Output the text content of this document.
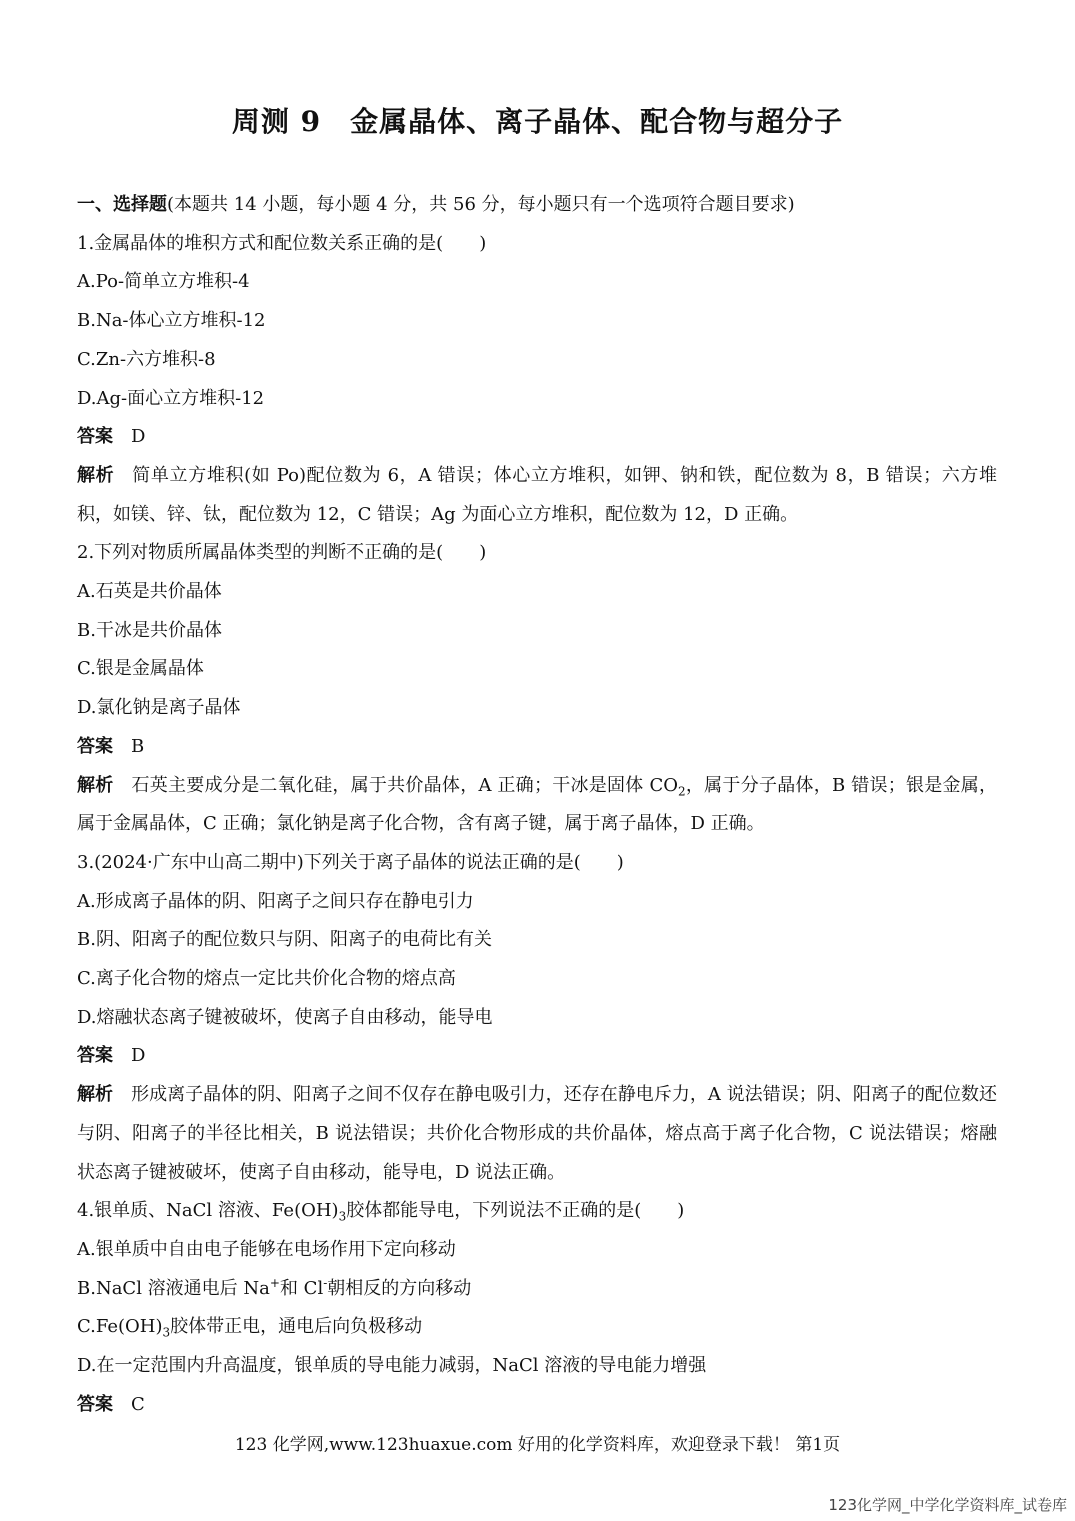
周测 9　金属晶体、离子晶体、配合物与超分子
一、选择题(本题共 14 小题，每小题 4 分，共 56 分，每小题只有一个选项符合题目要求)
1.金属晶体的堆积方式和配位数关系正确的是(　　)
A.Po-简单立方堆积-4
B.Na-体心立方堆积-12
C.Zn-六方堆积-8
D.Ag-面心立方堆积-12
答案 D
解析 简单立方堆积(如 Po)配位数为 6，A 错误；体心立方堆积，如钾、钠和铁，配位数为 8，B 错误；六方堆积，如镁、锌、钛，配位数为 12，C 错误；Ag 为面心立方堆积，配位数为 12，D 正确。
2.下列对物质所属晶体类型的判断不正确的是(　　)
A.石英是共价晶体
B.干冰是共价晶体
C.银是金属晶体
D.氯化钠是离子晶体
答案 B
解析 石英主要成分是二氧化硅，属于共价晶体，A 正确；干冰是固体 $CO_2$，属于分子晶体，B 错误；银是金属，属于金属晶体，C 正确；氯化钠是离子化合物，含有离子键，属于离子晶体，D 正确。
3.(2024·广东中山高二期中)下列关于离子晶体的说法正确的是(　　)
A.形成离子晶体的阴、阳离子之间只存在静电引力
B.阴、阳离子的配位数只与阴、阳离子的电荷比有关
C.离子化合物的熔点一定比共价化合物的熔点高
D.熔融状态离子键被破坏，使离子自由移动，能导电
答案 D
解析 形成离子晶体的阴、阳离子之间不仅存在静电吸引力，还存在静电斥力，A 说法错误；阴、阳离子的配位数还与阴、阳离子的半径比相关，B 说法错误；共价化合物形成的共价晶体，熔点高于离子化合物，C 说法错误；熔融状态离子键被破坏，使离子自由移动，能导电，D 说法正确。
4.银单质、NaCl 溶液、$Fe(OH)_3$胶体都能导电，下列说法不正确的是(　　)
A.银单质中自由电子能够在电场作用下定向移动
B.NaCl 溶液通电后 Na+和 Cl-朝相反的方向移动
$C.Fe(OH)_3$胶体带正电，通电后向负极移动
D.在一定范围内升高温度，银单质的导电能力减弱，NaCl 溶液的导电能力增强
答案 C
123 化学网,www.123huaxue.com 好用的化学资料库，欢迎登录下载！ 第1页
123化学网_中学化学资料库_试卷库
